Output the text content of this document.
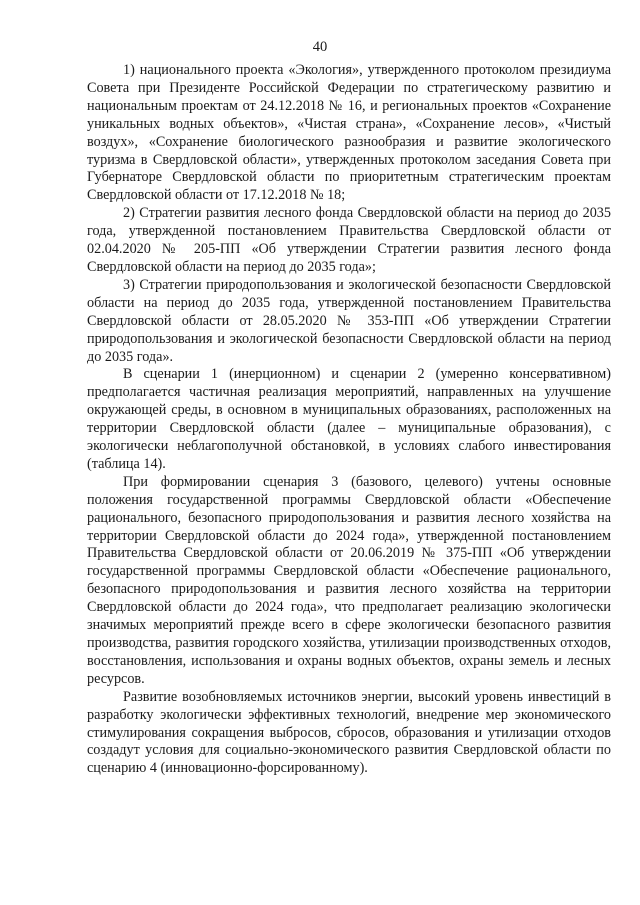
40

1) национального проекта «Экология», утвержденного протоколом президиума Совета при Президенте Российской Федерации по стратегическому развитию и национальным проектам от 24.12.2018 № 16, и региональных проектов «Сохранение уникальных водных объектов», «Чистая страна», «Сохранение лесов», «Чистый воздух», «Сохранение биологического разнообразия и развитие экологического туризма в Свердловской области», утвержденных протоколом заседания Совета при Губернаторе Свердловской области по приоритетным стратегическим проектам Свердловской области от 17.12.2018 № 18;

2) Стратегии развития лесного фонда Свердловской области на период до 2035 года, утвержденной постановлением Правительства Свердловской области от 02.04.2020 № 205-ПП «Об утверждении Стратегии развития лесного фонда Свердловской области на период до 2035 года»;

3) Стратегии природопользования и экологической безопасности Свердловской области на период до 2035 года, утвержденной постановлением Правительства Свердловской области от 28.05.2020 № 353-ПП «Об утверждении Стратегии природопользования и экологической безопасности Свердловской области на период до 2035 года».

В сценарии 1 (инерционном) и сценарии 2 (умеренно консервативном) предполагается частичная реализация мероприятий, направленных на улучшение окружающей среды, в основном в муниципальных образованиях, расположенных на территории Свердловской области (далее – муниципальные образования), с экологически неблагополучной обстановкой, в условиях слабого инвестирования (таблица 14).

При формировании сценария 3 (базового, целевого) учтены основные положения государственной программы Свердловской области «Обеспечение рационального, безопасного природопользования и развития лесного хозяйства на территории Свердловской области до 2024 года», утвержденной постановлением Правительства Свердловской области от 20.06.2019 № 375-ПП «Об утверждении государственной программы Свердловской области «Обеспечение рационального, безопасного природопользования и развития лесного хозяйства на территории Свердловской области до 2024 года», что предполагает реализацию экологически значимых мероприятий прежде всего в сфере экологически безопасного развития производства, развития городского хозяйства, утилизации производственных отходов, восстановления, использования и охраны водных объектов, охраны земель и лесных ресурсов.

Развитие возобновляемых источников энергии, высокий уровень инвестиций в разработку экологически эффективных технологий, внедрение мер экономического стимулирования сокращения выбросов, сбросов, образования и утилизации отходов создадут условия для социально-экономического развития Свердловской области по сценарию 4 (инновационно-форсированному).
